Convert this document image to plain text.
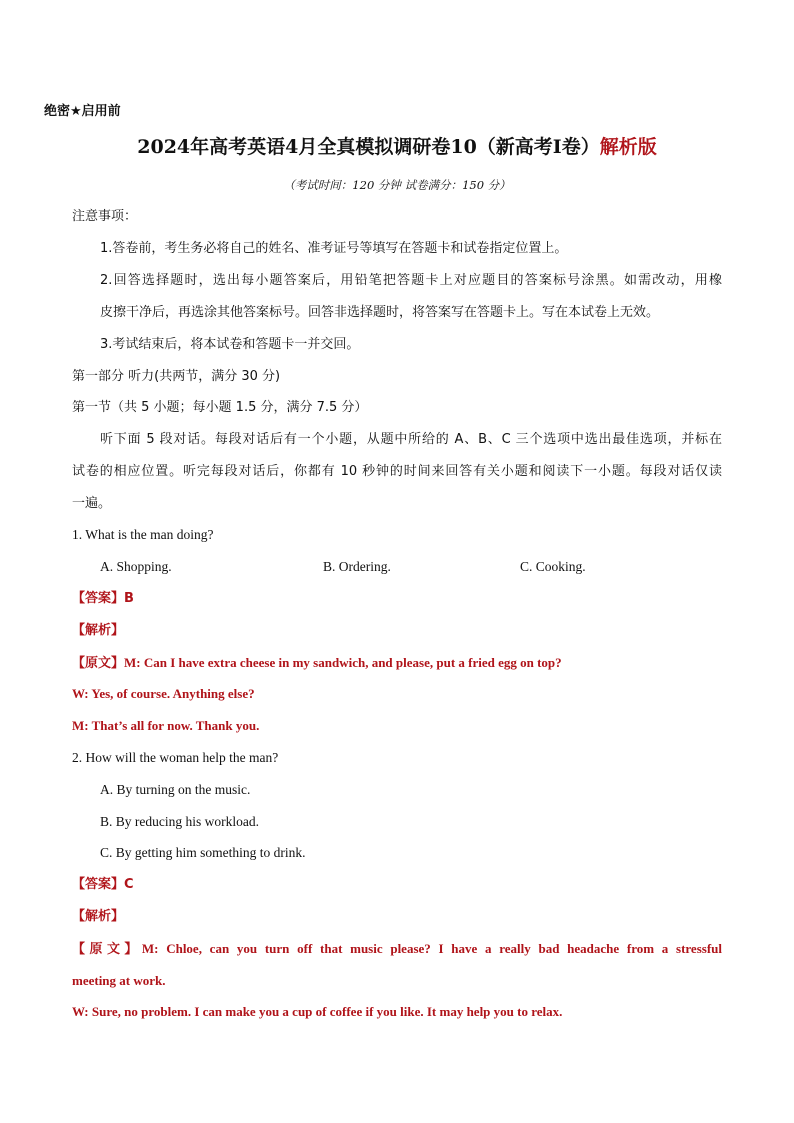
绝密★启用前
2024年高考英语4月全真模拟调研卷10（新高考I卷）解析版
（考试时间：120 分钟 试卷满分：150 分）
注意事项：
1.答卷前，考生务必将自己的姓名、准考证号等填写在答题卡和试卷指定位置上。
2.回答选择题时，选出每小题答案后，用铅笔把答题卡上对应题目的答案标号涂黑。如需改动，用橡
皮擦干净后，再选涂其他答案标号。回答非选择题时，将答案写在答题卡上。写在本试卷上无效。
3.考试结束后，将本试卷和答题卡一并交回。
第一部分 听力(共两节，满分 30 分)
第一节（共 5 小题；每小题 1.5 分，满分 7.5 分）
听下面 5 段对话。每段对话后有一个小题，从题中所给的 A、B、C 三个选项中选出最佳选项，并标在
试卷的相应位置。听完每段对话后，你都有 10 秒钟的时间来回答有关小题和阅读下一小题。每段对话仅读
一遍。
1. What is the man doing?
A. Shopping.	B. Ordering.	C. Cooking.
【答案】B
【解析】
【原文】M: Can I have extra cheese in my sandwich, and please, put a fried egg on top?
W: Yes, of course. Anything else?
M: That’s all for now. Thank you.
2. How will the woman help the man?
A. By turning on the music.
B. By reducing his workload.
C. By getting him something to drink.
【答案】C
【解析】
【原文】M: Chloe, can you turn off that music please? I have a really bad headache from a stressful
meeting at work.
W: Sure, no problem. I can make you a cup of coffee if you like. It may help you to relax.
